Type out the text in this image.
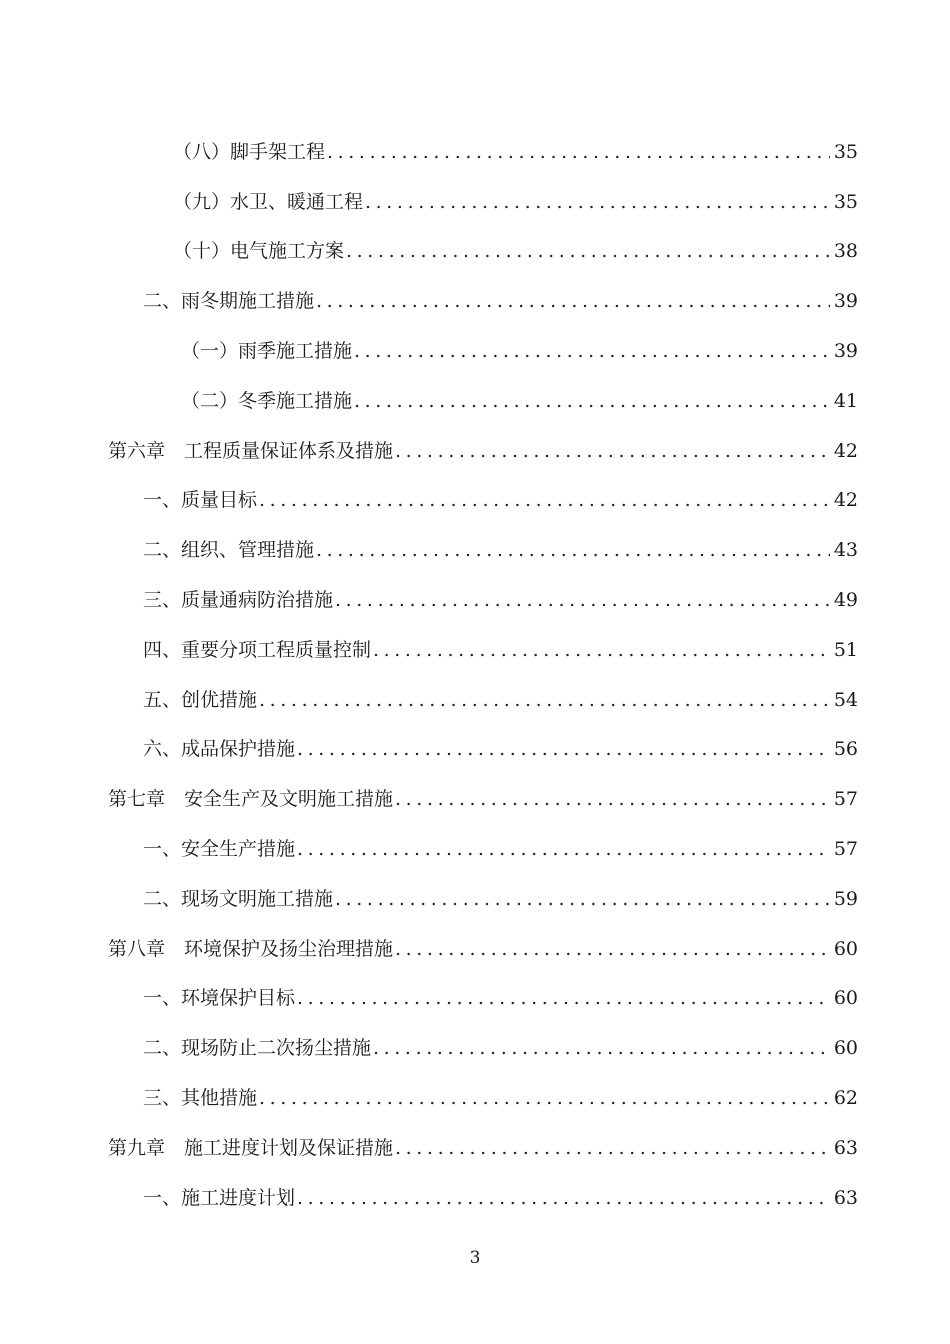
（八）脚手架工程 .....	35
（九）水卫、暖通工程 .....	35
（十）电气施工方案 .....	38
二、雨冬期施工措施 .....	39
（一）雨季施工措施 .....	39
（二）冬季施工措施 .....	41
第六章　工程质量保证体系及措施 .....	42
一、质量目标 .....	42
二、组织、管理措施 .....	43
三、质量通病防治措施 .....	49
四、重要分项工程质量控制 .....	51
五、创优措施 .....	54
六、成品保护措施 .....	56
第七章　安全生产及文明施工措施 .....	57
一、安全生产措施 .....	57
二、现场文明施工措施 .....	59
第八章　环境保护及扬尘治理措施 .....	60
一、环境保护目标 .....	60
二、现场防止二次扬尘措施 .....	60
三、其他措施 .....	62
第九章　施工进度计划及保证措施 .....	63
一、施工进度计划 .....	63
3
